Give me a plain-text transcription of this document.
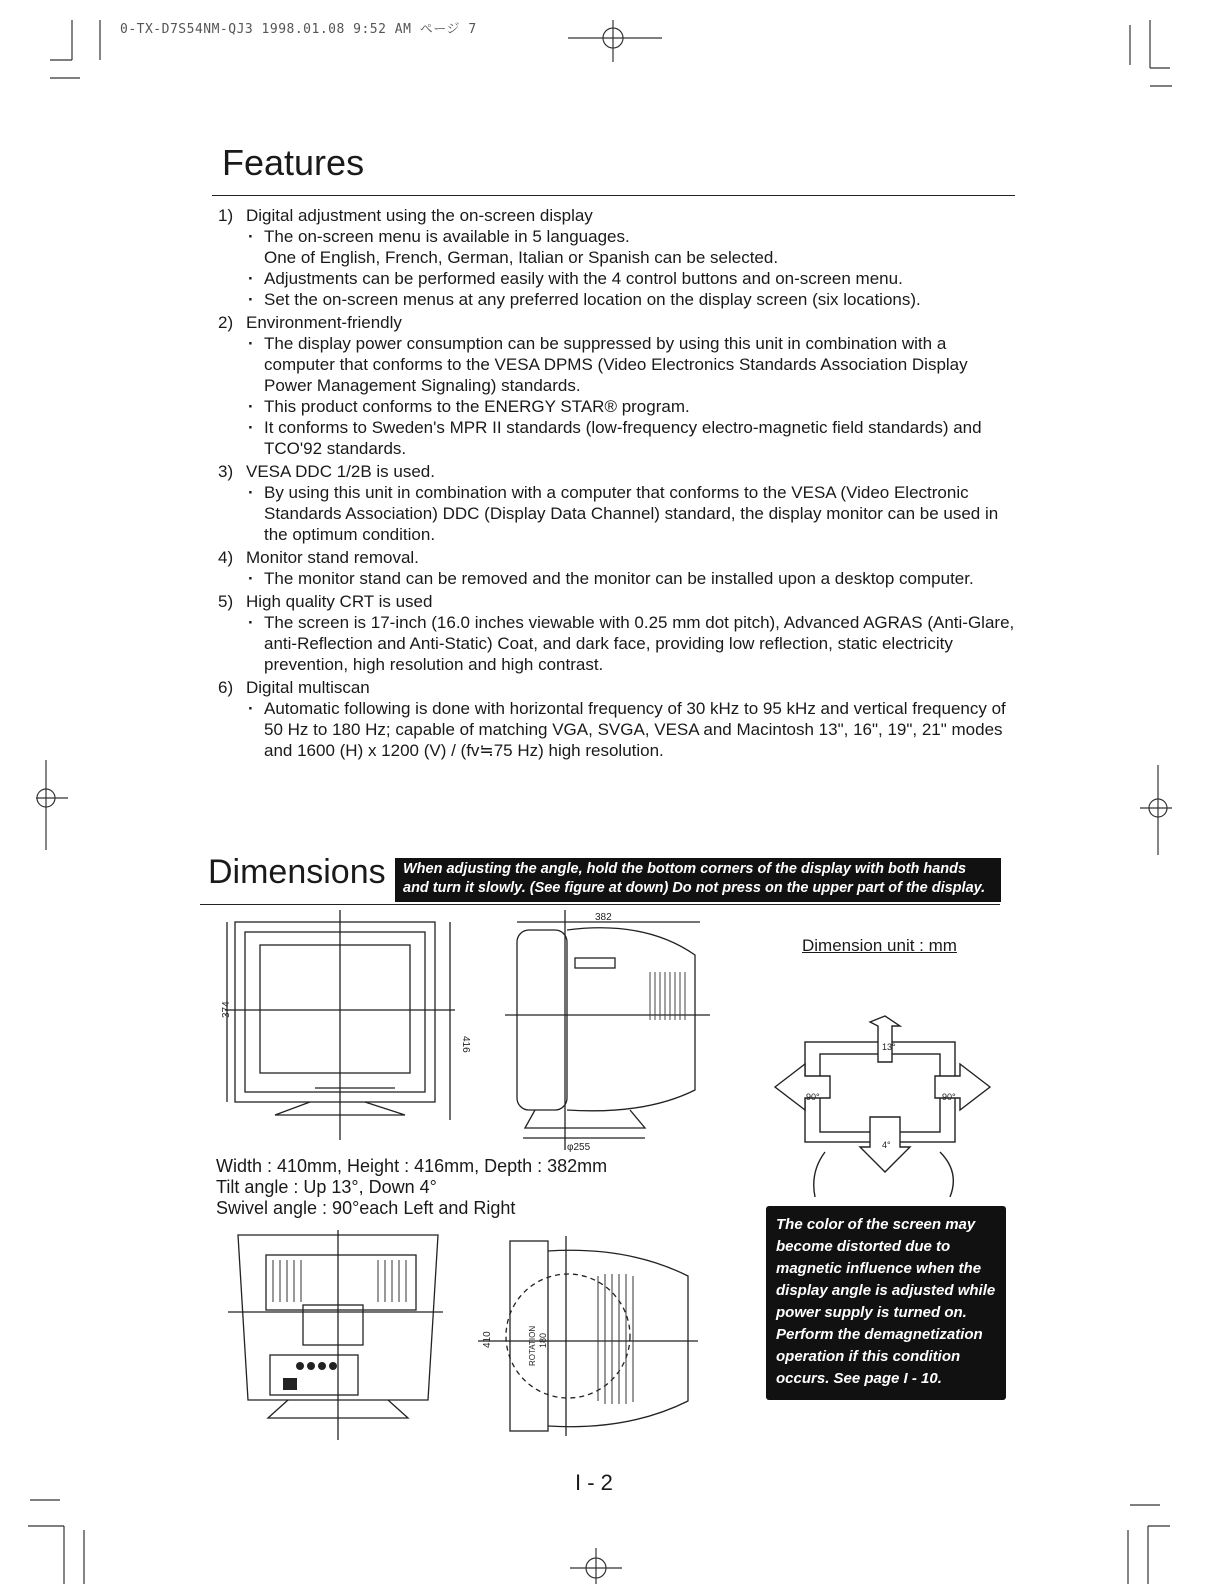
0-TX-D7S54NM-QJ3 1998.01.08 9:52 AM ページ 7
Features
1) Digital adjustment using the on-screen display
· The on-screen menu is available in 5 languages.
One of English, French, German, Italian or Spanish can be selected.
· Adjustments can be performed easily with the 4 control buttons and on-screen menu.
· Set the on-screen menus at any preferred location on the display screen (six locations).
2) Environment-friendly
· The display power consumption can be suppressed by using this unit in combination with a computer that conforms to the VESA DPMS (Video Electronics Standards Association Display Power Management Signaling) standards.
· This product conforms to the ENERGY STAR® program.
· It conforms to Sweden's MPR II standards (low-frequency electro-magnetic field standards) and TCO'92 standards.
3) VESA DDC 1/2B is used.
· By using this unit in combination with a computer that conforms to the VESA (Video Electronic Standards Association) DDC (Display Data Channel) standard, the display monitor can be used in the optimum condition.
4) Monitor stand removal.
· The monitor stand can be removed and the monitor can be installed upon a desktop computer.
5) High quality CRT is used
· The screen is 17-inch (16.0 inches viewable with 0.25 mm dot pitch), Advanced AGRAS (Anti-Glare, anti-Reflection and Anti-Static) Coat, and dark face, providing low reflection, static electricity prevention, high resolution and high contrast.
6) Digital multiscan
· Automatic following is done with horizontal frequency of 30 kHz to 95 kHz and vertical frequency of 50 Hz to 180 Hz; capable of matching VGA, SVGA, VESA and Macintosh 13", 16", 19", 21" modes and 1600 (H) x 1200 (V) / (fv≒75 Hz) high resolution.
Dimensions	When adjusting the angle, hold the bottom corners of the display with both hands and turn it slowly. (See figure at down) Do not press on the upper part of the display.
Dimension unit : mm
374
416
382
φ255
13°
90°	90°
4°
Width : 410mm, Height : 416mm, Depth : 382mm
Tilt angle : Up 13°, Down 4°
Swivel angle : 90°each Left and Right
410	ROTATION 180
The color of the screen may become distorted due to magnetic influence when the display angle is adjusted while power supply is turned on. Perform the demagnetization operation if this condition occurs. See page I - 10.
I - 2
